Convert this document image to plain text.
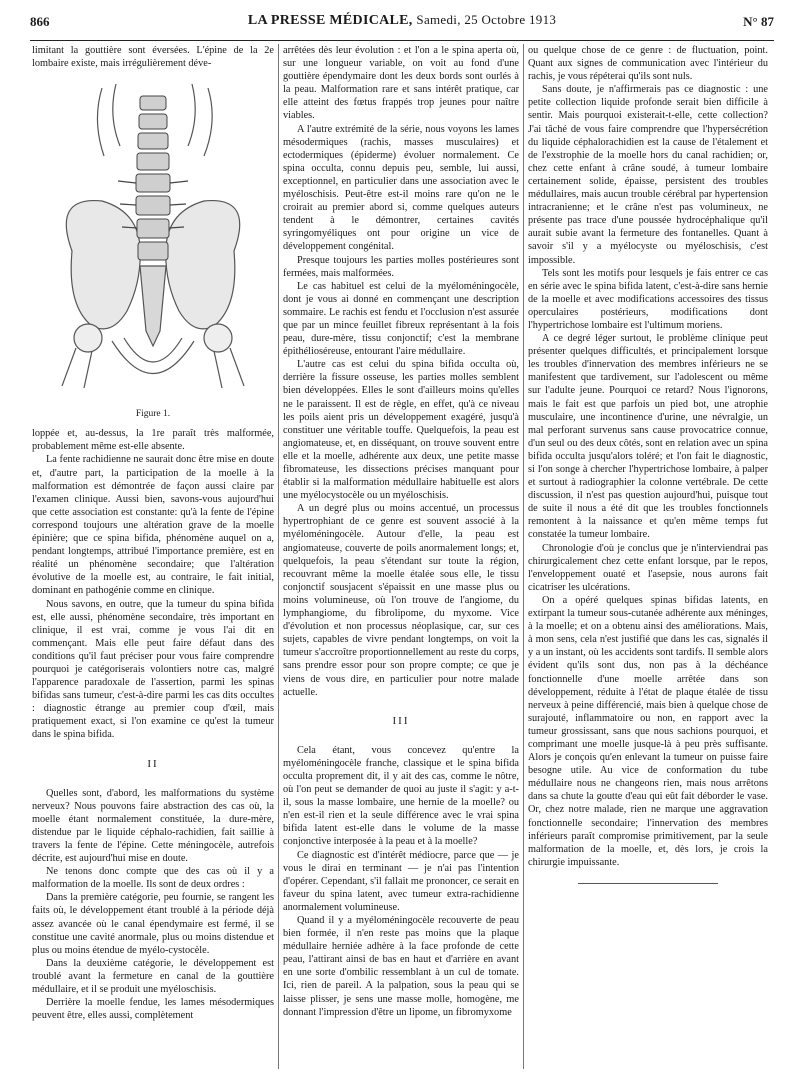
866	LA PRESSE MÉDICALE, Samedi, 25 Octobre 1913	N° 87

limitant la gouttière sont éversées. L'épine de la 2e lombaire existe, mais irrégulièrement déve-

Figure 1.

loppée et, au-dessus, la 1re paraît très malformée, probablement même est-elle absente.

La fente rachidienne ne saurait donc être mise en doute et, d'autre part, la participation de la moelle à la malformation est démontrée de façon aussi claire par l'examen clinique. Aussi bien, savons-vous aujourd'hui que cette association est constante: qu'à la fente de l'épine correspond toujours une altération grave de la moelle épinière; que ce spina bifida, phénomène auquel on a, pendant longtemps, attribué l'importance première, est en réalité un phénomène secondaire; que l'altération évolutive de la moelle est, au contraire, le fait initial, dominant en pathogénie comme en clinique.

Nous savons, en outre, que la tumeur du spina bifida est, elle aussi, phénomène secondaire, très important en clinique, il est vrai, comme je vous l'ai dit en commençant. Mais elle peut faire défaut dans des conditions qu'il faut préciser pour vous faire comprendre pourquoi je catégoriserais volontiers notre cas, malgré l'apparence paradoxale de l'assertion, parmi les spinas bifidas sans tumeur, c'est-à-dire parmi les cas dits occultes : diagnostic étrange au premier coup d'œil, mais pratiquement exact, si l'on examine ce qu'est la tumeur dans le spina bifida.

II

Quelles sont, d'abord, les malformations du système nerveux? Nous pouvons faire abstraction des cas où, la moelle étant normalement constituée, la dure-mère, distendue par le liquide céphalo-rachidien, fait saillie à travers la fente de l'épine. Cette méningocèle, autrefois décrite, est aujourd'hui mise en doute.

Ne tenons donc compte que des cas où il y a malformation de la moelle. Ils sont de deux ordres :

Dans la première catégorie, peu fournie, se rangent les faits où, le développement étant troublé à la période déjà assez avancée où le canal épendymaire est fermé, il se constitue une cavité anormale, plus ou moins distendue et plus ou moins étendue de myélo-cystocèle.

Dans la deuxième catégorie, le développement est troublé avant la fermeture en canal de la gouttière médullaire, et il se produit une myéloschisis.

Derrière la moelle fendue, les lames mésodermiques peuvent être, elles aussi, complètement

arrêtées dès leur évolution : et l'on a le spina aperta où, sur une longueur variable, on voit au fond d'une gouttière épendymaire dont les deux bords sont ourlés à la peau. Malformation rare et sans intérêt pratique, car elle atteint des fœtus frappés trop jeunes pour naître viables.

A l'autre extrémité de la série, nous voyons les lames mésodermiques (rachis, masses musculaires) et ectodermiques (épiderme) évoluer normalement. Ce spina occulta, connu depuis peu, semble, lui aussi, exceptionnel, en particulier dans une association avec le myéloschisis. Peut-être est-il moins rare qu'on ne le croirait au premier abord si, comme quelques auteurs tendent à le démontrer, certaines cavités syringomyéliques ont pour origine un vice de développement congénital.

Presque toujours les parties molles postérieures sont fermées, mais malformées.

Le cas habituel est celui de la myéloméningocèle, dont je vous ai donné en commençant une description sommaire. Le rachis est fendu et l'occlusion n'est assurée que par un mince feuillet fibreux représentant à la fois peau, dure-mère, tissu conjonctif; c'est la membrane épithélioséreuse, entourant l'aire médullaire.

L'autre cas est celui du spina bifida occulta où, derrière la fissure osseuse, les parties molles semblent bien développées. Elles le sont d'ailleurs moins qu'elles ne le paraissent. Il est de règle, en effet, qu'à ce niveau les poils aient pris un développement exagéré, jusqu'à constituer une véritable touffe. Quelquefois, la peau est angiomateuse, et, en disséquant, on trouve souvent entre elle et la moelle, adhérente aux deux, une petite masse fibromateuse, les dissections précises manquant pour établir si la malformation médullaire habituelle est alors une myélocystocèle ou un myéloschisis.

A un degré plus ou moins accentué, un processus hypertrophiant de ce genre est souvent associé à la myéloméningocèle. Autour d'elle, la peau est angiomateuse, couverte de poils anormalement longs; et, quelquefois, la peau s'étendant sur toute la région, recouvrant même la moelle étalée sous elle, le tissu conjonctif sousjacent s'épaissit en une masse plus ou moins volumineuse, où l'on trouve de l'angiome, du lymphangiome, du fibrolipome, du myxome. Vice d'évolution et non processus néoplasique, car, sur ces sujets, capables de vivre pendant longtemps, on voit la tumeur s'accroître proportionnellement au reste du corps, sans prendre essor pour son propre compte; ce que je viens de vous dire, en particulier pour notre malade actuelle.

III

Cela étant, vous concevez qu'entre la myéloméningocèle franche, classique et le spina bifida occulta proprement dit, il y ait des cas, comme le nôtre, où l'on peut se demander de quoi au juste il s'agit: y a-t-il, sous la masse lombaire, une hernie de la moelle? ou n'en est-il rien et la seule différence avec le vrai spina bifida latent est-elle dans le volume de la masse conjonctive interposée à la peau et à la moelle?

Ce diagnostic est d'intérêt médiocre, parce que — je vous le dirai en terminant — je n'ai pas l'intention d'opérer. Cependant, s'il fallait me prononcer, ce serait en faveur du spina latent, avec tumeur extra-rachidienne anormalement volumineuse.

Quand il y a myéloméningocèle recouverte de peau bien formée, il n'en reste pas moins que la plaque médullaire herniée adhère à la face profonde de cette peau, l'attirant ainsi de bas en haut et d'arrière en avant en une sorte d'ombilic ressemblant à un cul de tomate. Ici, rien de pareil. A la palpation, sous la peau qui se laisse plisser, je sens une masse molle, homogène, me donnant l'impression d'être un lipome, un fibromyxome

ou quelque chose de ce genre : de fluctuation, point. Quant aux signes de communication avec l'intérieur du rachis, je vous répéterai qu'ils sont nuls.

Sans doute, je n'affirmerais pas ce diagnostic : une petite collection liquide profonde serait bien difficile à sentir. Mais pourquoi existerait-t-elle, cette collection? J'ai tâché de vous faire comprendre que l'hypersécrétion du liquide céphalorachidien est la cause de l'étalement et de l'exstrophie de la moelle hors du canal rachidien; or, chez cette enfant à crâne soudé, à tumeur lombaire certainement solide, épaisse, persistent des troubles médullaires, mais aucun trouble cérébral par hypertension intracranienne; et le crâne n'est pas volumineux, ne présente pas trace d'une poussée hydrocéphalique qu'il aurait subie avant la fermeture des fontanelles. Quant à savoir s'il y a myélocyste ou myéloschisis, c'est impossible.

Tels sont les motifs pour lesquels je fais entrer ce cas en série avec le spina bifida latent, c'est-à-dire sans hernie de la moelle et avec modifications accessoires des tissus operculaires postérieurs, modifications dont l'hypertrichose lombaire est l'ultimum moriens.

A ce degré léger surtout, le problème clinique peut présenter quelques difficultés, et principalement lorsque les troubles d'innervation des membres inférieurs ne se manifestent que tardivement, sur l'adolescent ou même sur l'adulte jeune. Pourquoi ce retard? Nous l'ignorons, mais le fait est que parfois un pied bot, une atrophie musculaire, une incontinence d'urine, une névralgie, un mal perforant survenus sans cause provocatrice connue, d'un seul ou des deux côtés, sont en relation avec un spina bifida occulta jusqu'alors toléré; et l'on fait le diagnostic, si l'on songe à chercher l'hypertrichose lombaire, à palper et surtout à radiographier la colonne vertébrale. De cette discussion, il n'est pas question aujourd'hui, puisque tout de suite il nous a été dit que les troubles fonctionnels remontent à la naissance et qu'en même temps fut constatée la tumeur lombaire.

Chronologie d'où je conclus que je n'interviendrai pas chirurgicalement chez cette enfant lorsque, par le repos, l'enveloppement ouaté et l'asepsie, nous aurons fait cicatriser les ulcérations.

On a opéré quelques spinas bifidas latents, en extirpant la tumeur sous-cutanée adhérente aux méninges, à la moelle; et on a obtenu ainsi des améliorations. Mais, à mon sens, cela n'est justifié que dans les cas, signalés il y a un instant, où les accidents sont tardifs. Il semble alors évident qu'ils sont dus, non pas à la déchéance fonctionnelle d'une moelle arrêtée dans son développement, réduite à l'état de plaque étalée de tissu nerveux à peine différencié, mais bien à quelque chose de surajouté, inflammatoire ou non, en rapport avec la tumeur grossissant, sans que nous sachions pourquoi, et comprimant une moelle jusque-là à peu près suffisante. Alors je conçois qu'en enlevant la tumeur on puisse faire besogne utile. Au vice de conformation du tube médullaire nous ne changeons rien, mais nous arrêtons dans sa chute la goutte d'eau qui eût fait déborder le vase. Or, chez notre malade, rien ne marque une aggravation fonctionnelle secondaire; l'innervation des membres inférieurs paraît compromise primitivement, par la seule malformation de la moelle, et, dès lors, je crois la chirurgie impuissante.
